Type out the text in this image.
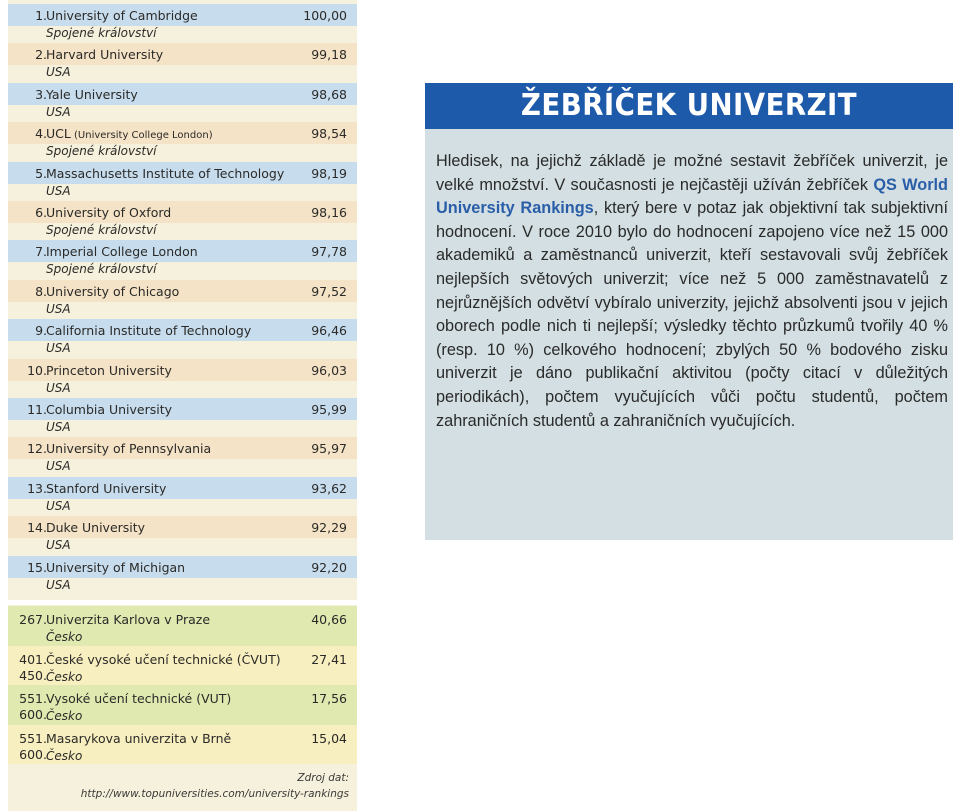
Zdroj dat:
http://www.topuniversities.com/university-rankings
1. University of Cambridge
Spojené království
100,00
2. Harvard University
USA
99,18
3. Yale University
USA
98,68
4. UCL (University College London)
Spojené království
98,54
5. Massachusetts Institute of Technology
USA
98,19
6. University of Oxford
Spojené království
98,16
7. Imperial College London
Spojené království
97,78
8. University of Chicago
USA
97,52
9. California Institute of Technology
USA
96,46
10. Princeton University
USA
96,03
11. Columbia University
USA
95,99
12. University of Pennsylvania
USA
95,97
13. Stanford University
USA
93,62
14. Duke University
USA
92,29
15. University of Michigan
USA
92,20
267. Univerzita Karlova v Praze
Česko
40,66
401.
450.
České vysoké učení technické (ČVUT)
Česko
27,41
551.
600.
Vysoké učení technické (VUT)
Česko
17,56
551.
600.
Masarykova univerzita v Brně
Česko
15,04
ŽEBŘÍČEK UNIVERZIT
Hledisek, na jejichž základě je možné sestavit žebříček univerzit, je velké množství. V současnosti je nejčastěji užíván žebříček QS World University Rankings, který bere v potaz jak objektivní tak subjektivní hodnocení. V roce 2010 bylo do hodnocení zapojeno více než 15 000 akademiků a zaměstnanců univerzit, kteří sestavovali svůj žebříček nejlepších světových univerzit; více než 5 000 zaměstnavatelů z nejrůznějších odvětví vybíralo univerzity, jejichž absolventi jsou v jejich oborech podle nich ti nejlepší; výsledky těchto průzkumů tvořily 40 % (resp. 10 %) celkového hodnocení; zbylých 50 % bodového zisku univerzit je dáno publikační aktivitou (počty citací v důležitých periodikách), počtem vyučujících vůči počtu studentů, počtem zahraničních studentů a zahraničních vyučujících.
